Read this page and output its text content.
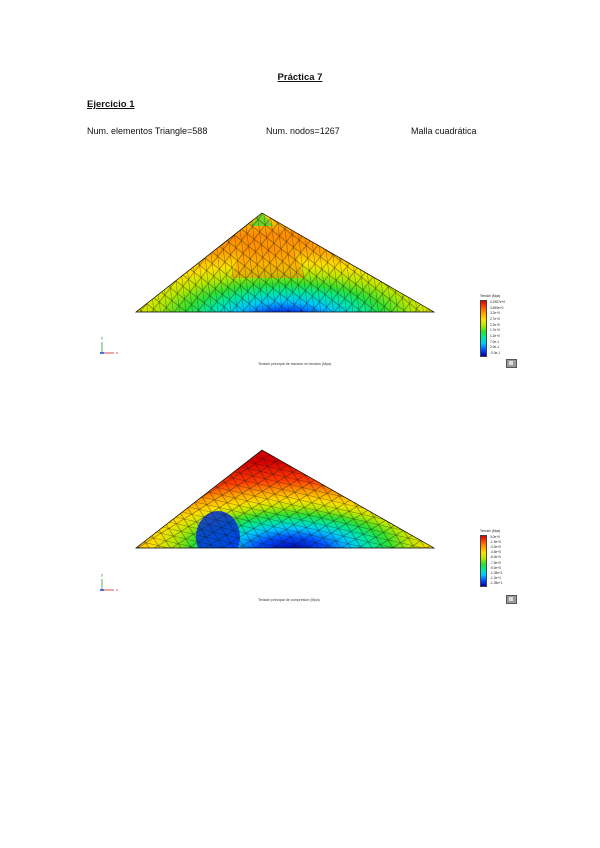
Práctica 7
Ejercicio 1
Num. elementos Triangle=588	Num. nodos=1267	Malla cuadrática
y
x
Tensión principal de tracción en tensión (Mpa)
Tensión (Mpa)
4.1987e+0
3.699e+0
3.2e+0
2.7e+0
2.2e+0
1.7e+0
1.2e+0
7.0e-1
2.0e-1
-3.0e-1
y
x
Tensión principal de compresión (Mpa)
Tensión (Mpa)
0.0e+0
-1.5e+0
-3.0e+0
-4.5e+0
-6.0e+0
-7.5e+0
-9.0e+0
-1.05e+1
-1.2e+1
-1.35e+1
